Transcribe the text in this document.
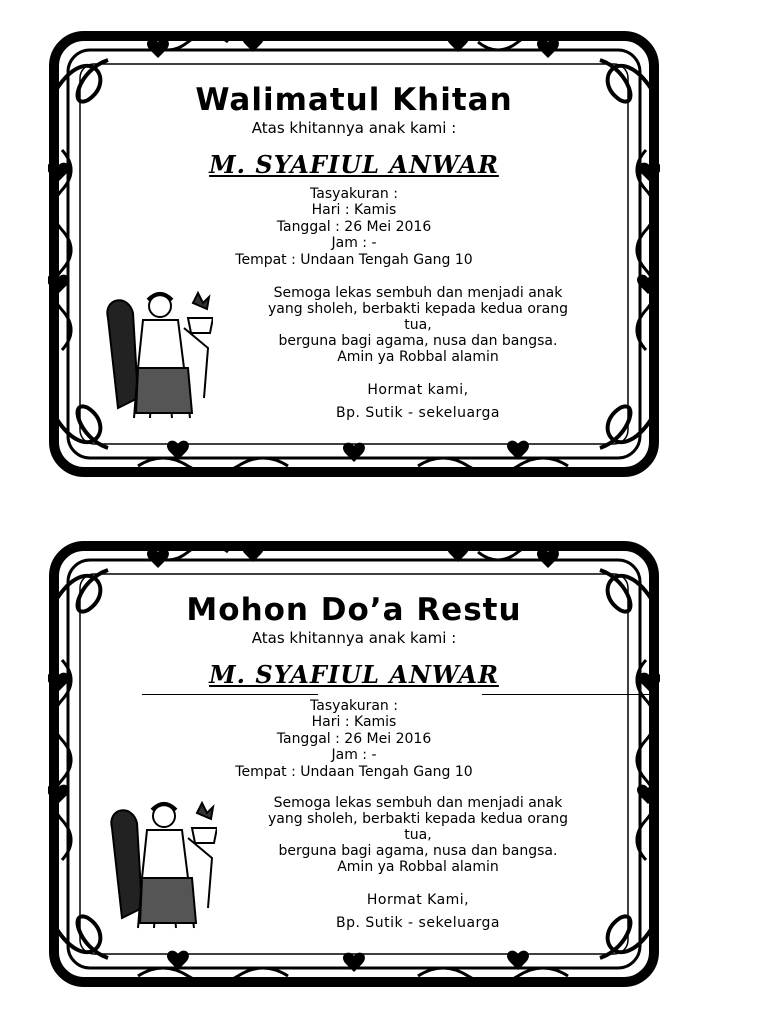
Walimatul Khitan
Atas khitannya anak kami :
M. SYAFIUL ANWAR
Tasyakuran :
Hari : Kamis
Tanggal : 26 Mei 2016
Jam : -
Tempat : Undaan Tengah Gang 10
Semoga lekas sembuh dan menjadi anak
yang sholeh, berbakti kepada kedua orang
tua,
berguna bagi agama, nusa dan bangsa.
Amin ya Robbal alamin
Hormat kami,
Bp. Sutik - sekeluarga
Mohon Do’a Restu
Atas khitannya anak kami :
M. SYAFIUL ANWAR
Tasyakuran :
Hari : Kamis
Tanggal : 26 Mei 2016
Jam : -
Tempat : Undaan Tengah Gang 10
Semoga lekas sembuh dan menjadi anak
yang sholeh, berbakti kepada kedua orang
tua,
berguna bagi agama, nusa dan bangsa.
Amin ya Robbal alamin
Hormat Kami,
Bp. Sutik - sekeluarga
